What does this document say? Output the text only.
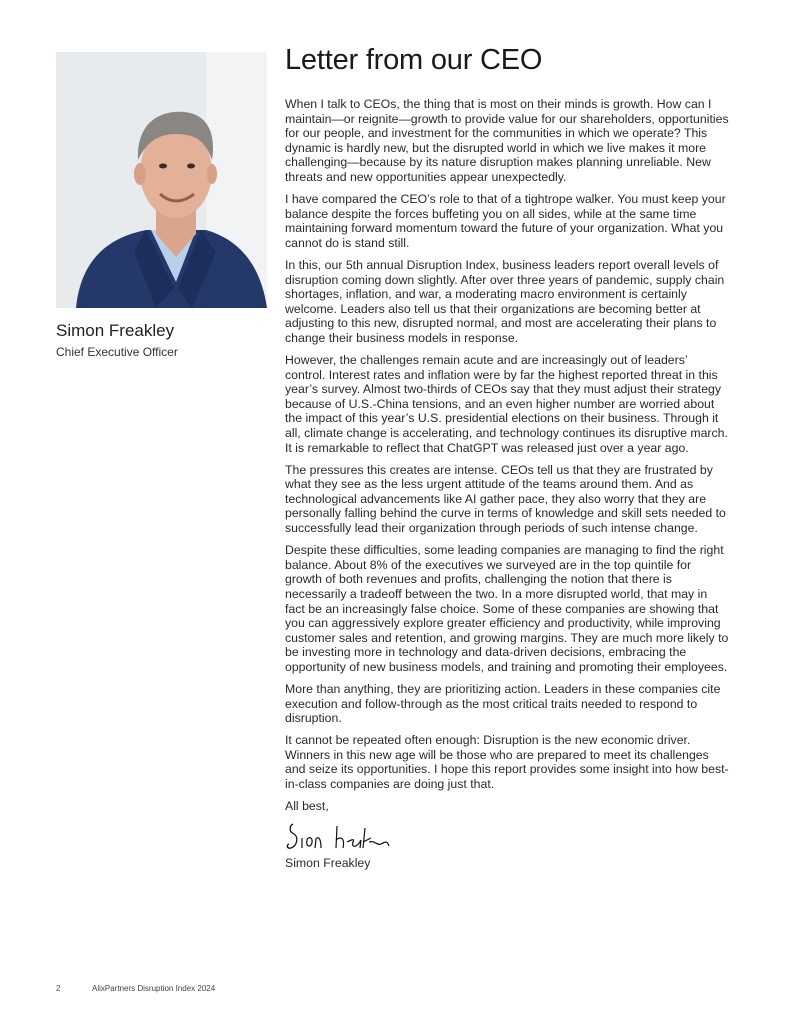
Simon Freakley
Chief Executive Officer
Letter from our CEO

When I talk to CEOs, the thing that is most on their minds is growth. How can I maintain—or reignite—growth to provide value for our shareholders, opportunities for our people, and investment for the communities in which we operate? This dynamic is hardly new, but the disrupted world in which we live makes it more challenging—because by its nature disruption makes planning unreliable. New threats and new opportunities appear unexpectedly.

I have compared the CEO’s role to that of a tightrope walker. You must keep your balance despite the forces buffeting you on all sides, while at the same time maintaining forward momentum toward the future of your organization. What you cannot do is stand still.

In this, our 5th annual Disruption Index, business leaders report overall levels of disruption coming down slightly. After over three years of pandemic, supply chain shortages, inflation, and war, a moderating macro environment is certainly welcome. Leaders also tell us that their organizations are becoming better at adjusting to this new, disrupted normal, and most are accelerating their plans to change their business models in response.

However, the challenges remain acute and are increasingly out of leaders’ control. Interest rates and inflation were by far the highest reported threat in this year’s survey. Almost two-thirds of CEOs say that they must adjust their strategy because of U.S.-China tensions, and an even higher number are worried about the impact of this year’s U.S. presidential elections on their business. Through it all, climate change is accelerating, and technology continues its disruptive march. It is remarkable to reflect that ChatGPT was released just over a year ago.

The pressures this creates are intense. CEOs tell us that they are frustrated by what they see as the less urgent attitude of the teams around them. And as technological advancements like AI gather pace, they also worry that they are personally falling behind the curve in terms of knowledge and skill sets needed to successfully lead their organization through periods of such intense change.

Despite these difficulties, some leading companies are managing to find the right balance. About 8% of the executives we surveyed are in the top quintile for growth of both revenues and profits, challenging the notion that there is necessarily a tradeoff between the two. In a more disrupted world, that may in fact be an increasingly false choice. Some of these companies are showing that you can aggressively explore greater efficiency and productivity, while improving customer sales and retention, and growing margins. They are much more likely to be investing more in technology and data-driven decisions, embracing the opportunity of new business models, and training and promoting their employees.

More than anything, they are prioritizing action. Leaders in these companies cite execution and follow-through as the most critical traits needed to respond to disruption.

It cannot be repeated often enough: Disruption is the new economic driver. Winners in this new age will be those who are prepared to meet its challenges and seize its opportunities. I hope this report provides some insight into how best-in-class companies are doing just that.

All best,
Simon Freakley
2	AlixPartners Disruption Index 2024
